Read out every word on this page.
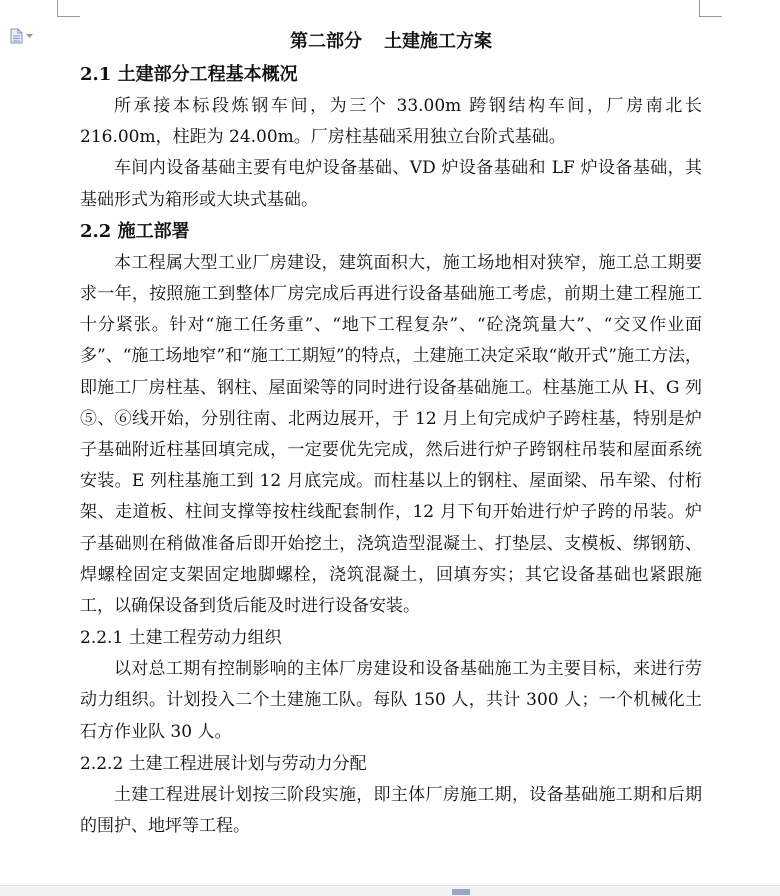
第二部分 土建施工方案
2.1 土建部分工程基本概况

所承接本标段炼钢车间，为三个 33.00m 跨钢结构车间，厂房南北长 216.00m，柱距为 24.00m。厂房柱基础采用独立台阶式基础。

车间内设备基础主要有电炉设备基础、VD 炉设备基础和 LF 炉设备基础，其基础形式为箱形或大块式基础。

2.2 施工部署

本工程属大型工业厂房建设，建筑面积大，施工场地相对狭窄，施工总工期要求一年，按照施工到整体厂房完成后再进行设备基础施工考虑，前期土建工程施工十分紧张。针对“施工任务重”、“地下工程复杂”、“砼浇筑量大”、“交叉作业面多”、“施工场地窄”和“施工工期短”的特点，土建施工决定采取“敞开式”施工方法，即施工厂房柱基、钢柱、屋面梁等的同时进行设备基础施工。柱基施工从 H、G 列⑤、⑥线开始，分别往南、北两边展开，于 12 月上旬完成炉子跨柱基，特别是炉子基础附近柱基回填完成，一定要优先完成，然后进行炉子跨钢柱吊装和屋面系统安装。E 列柱基施工到 12 月底完成。而柱基以上的钢柱、屋面梁、吊车梁、付桁架、走道板、柱间支撑等按柱线配套制作，12 月下旬开始进行炉子跨的吊装。炉子基础则在稍做准备后即开始挖土，浇筑造型混凝土、打垫层、支模板、绑钢筋、焊螺栓固定支架固定地脚螺栓，浇筑混凝土，回填夯实；其它设备基础也紧跟施工，以确保设备到货后能及时进行设备安装。

2.2.1 土建工程劳动力组织

以对总工期有控制影响的主体厂房建设和设备基础施工为主要目标，来进行劳动力组织。计划投入二个土建施工队。每队 150 人，共计 300 人；一个机械化土石方作业队 30 人。

2.2.2 土建工程进展计划与劳动力分配

土建工程进展计划按三阶段实施，即主体厂房施工期，设备基础施工期和后期的围护、地坪等工程。
